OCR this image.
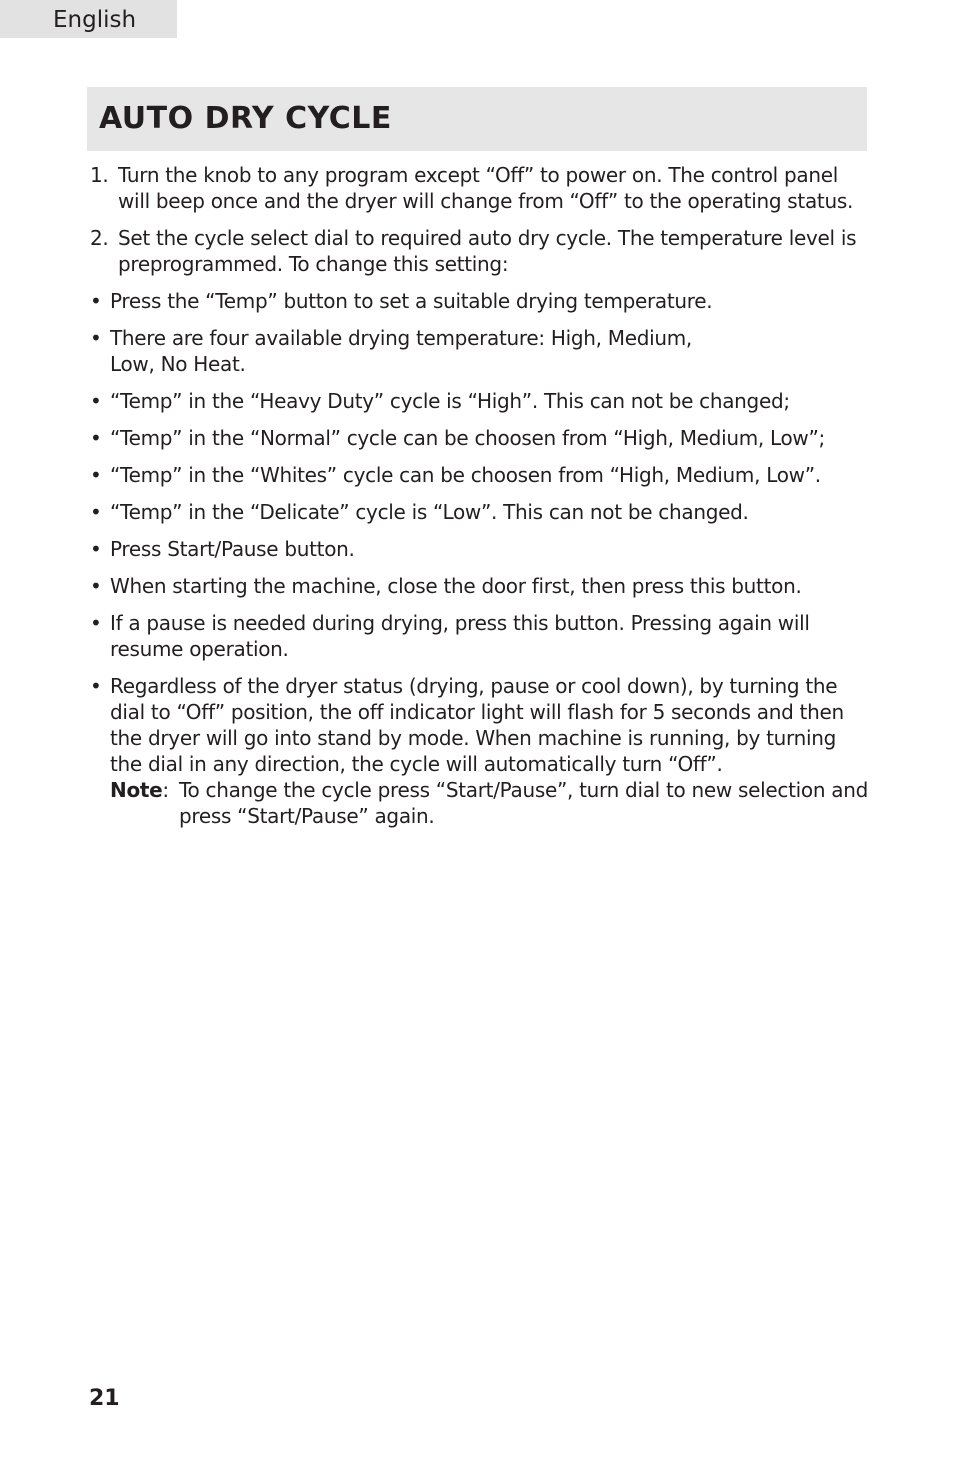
English
AUTO DRY CYCLE
1. Turn the knob to any program except “Off” to power on. The control panel will beep once and the dryer will change from “Off” to the operating status.
2. Set the cycle select dial to required auto dry cycle. The temperature level is preprogrammed. To change this setting:
• Press the “Temp” button to set a suitable drying temperature.
• There are four available drying temperature: High, Medium, Low, No Heat.
• “Temp” in the “Heavy Duty” cycle is “High”. This can not be changed;
• “Temp” in the “Normal” cycle can be choosen from “High, Medium, Low”;
• “Temp” in the “Whites” cycle can be choosen from “High, Medium, Low”.
• “Temp” in the “Delicate” cycle is “Low”. This can not be changed.
• Press Start/Pause button.
• When starting the machine, close the door first, then press this button.
• If a pause is needed during drying, press this button. Pressing again will resume operation.
• Regardless of the dryer status (drying, pause or cool down), by turning the dial to “Off” position, the off indicator light will flash for 5 seconds and then the dryer will go into stand by mode. When machine is running, by turning the dial in any direction, the cycle will automatically turn “Off”.
Note: To change the cycle press “Start/Pause”, turn dial to new selection and press “Start/Pause” again.
21
